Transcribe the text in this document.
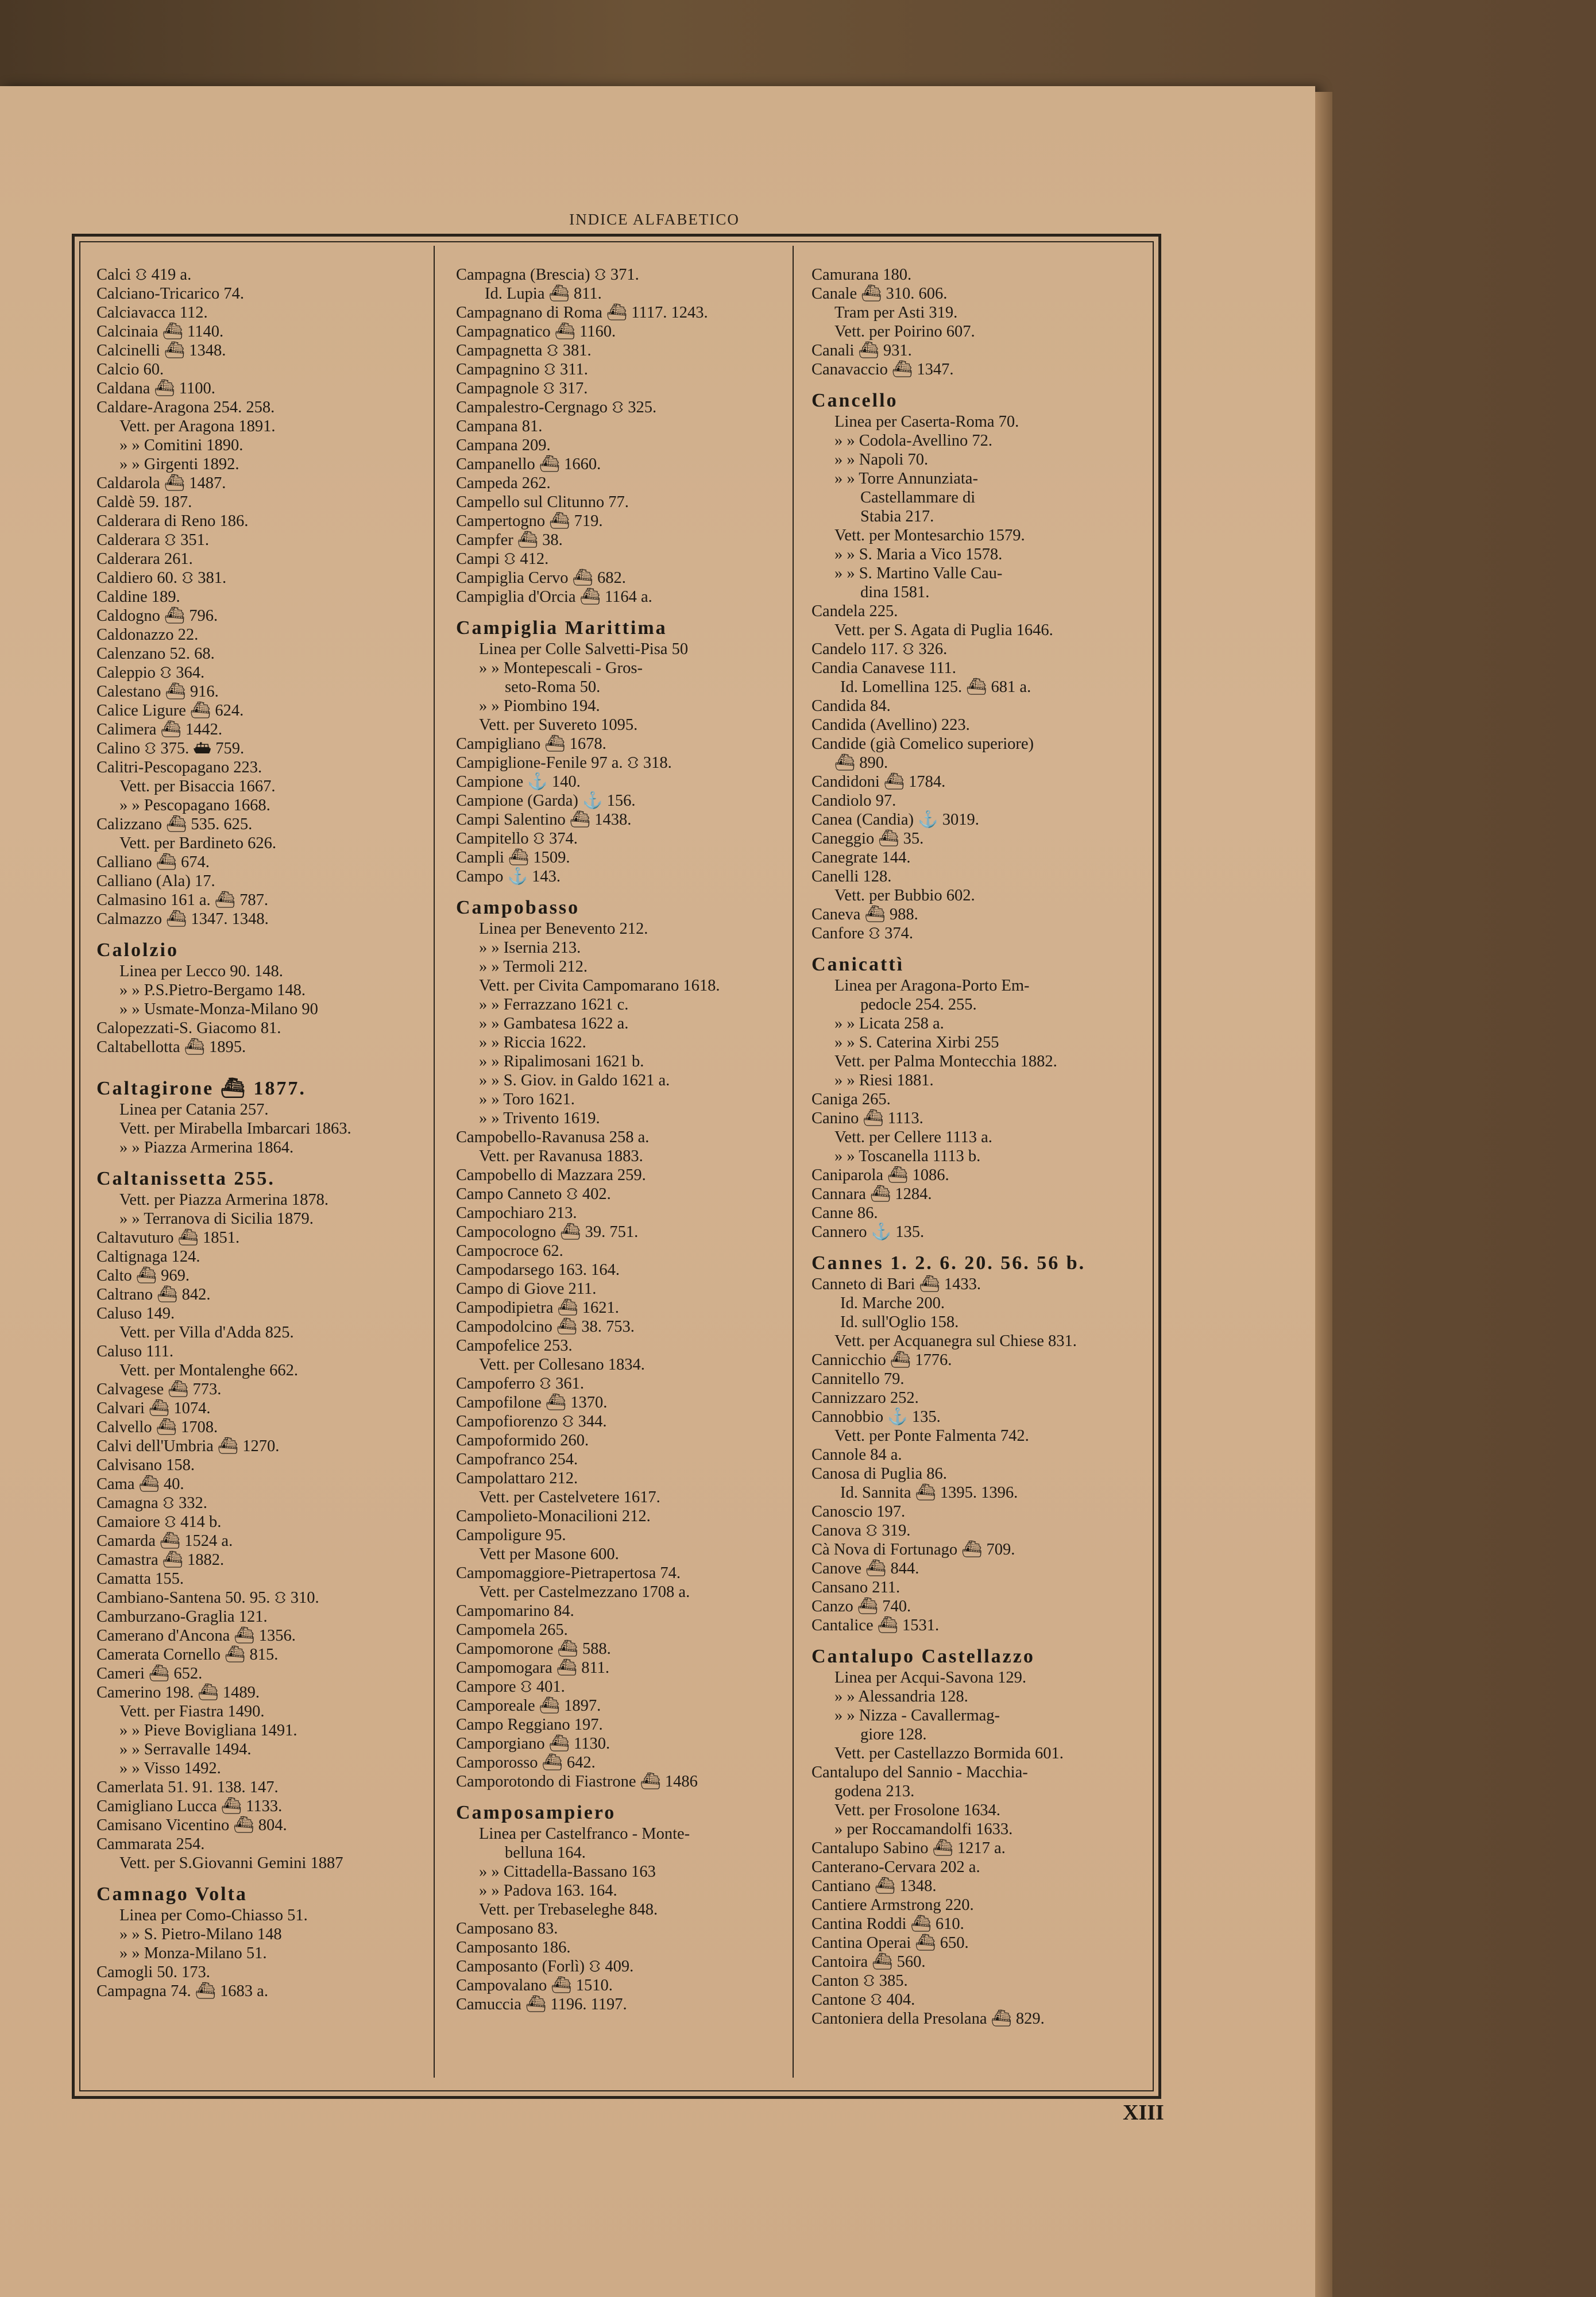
INDICE ALFABETICO
Calci ⛻ 419 a.
Calciano-Tricarico 74.
Calciavacca 112.
Calcinaia ⛴ 1140.
Calcinelli ⛴ 1348.
Calcio 60.
Caldana ⛴ 1100.
Caldare-Aragona 254. 258.
Vett. per Aragona 1891.
» » Comitini 1890.
» » Girgenti 1892.
Caldarola ⛴ 1487.
Caldè 59. 187.
Calderara di Reno 186.
Calderara ⛻ 351.
Calderara 261.
Caldiero 60. ⛻ 381.
Caldine 189.
Caldogno ⛴ 796.
Caldonazzo 22.
Calenzano 52. 68.
Caleppio ⛻ 364.
Calestano ⛴ 916.
Calice Ligure ⛴ 624.
Calimera ⛴ 1442.
Calino ⛻ 375. ⛴ 759.
Calitri-Pescopagano 223.
Vett. per Bisaccia 1667.
» » Pescopagano 1668.
Calizzano ⛴ 535. 625.
Vett. per Bardineto 626.
Calliano ⛴ 674.
Calliano (Ala) 17.
Calmasino 161 a. ⛴ 787.
Calmazzo ⛴ 1347. 1348.
Calolzio
Linea per Lecco 90. 148.
» » P.S.Pietro-Bergamo 148.
» » Usmate-Monza-Milano 90
Calopezzati-S. Giacomo 81.
Caltabellotta ⛴ 1895.
Caltagirone ⛴ 1877.
Linea per Catania 257.
Vett. per Mirabella Imbarcari 1863.
» » Piazza Armerina 1864.
Caltanissetta 255.
Vett. per Piazza Armerina 1878.
» » Terranova di Sicilia 1879.
Caltavuturo ⛴ 1851.
Caltignaga 124.
Calto ⛴ 969.
Caltrano ⛴ 842.
Caluso 149.
Vett. per Villa d'Adda 825.
Caluso 111.
Vett. per Montalenghe 662.
Calvagese ⛴ 773.
Calvari ⛴ 1074.
Calvello ⛴ 1708.
Calvi dell'Umbria ⛴ 1270.
Calvisano 158.
Cama ⛴ 40.
Camagna ⛻ 332.
Camaiore ⛻ 414 b.
Camarda ⛴ 1524 a.
Camastra ⛴ 1882.
Camatta 155.
Cambiano-Santena 50. 95. ⛻ 310.
Camburzano-Graglia 121.
Camerano d'Ancona ⛴ 1356.
Camerata Cornello ⛴ 815.
Cameri ⛴ 652.
Camerino 198. ⛴ 1489.
Vett. per Fiastra 1490.
» » Pieve Bovigliana 1491.
» » Serravalle 1494.
» » Visso 1492.
Camerlata 51. 91. 138. 147.
Camigliano Lucca ⛴ 1133.
Camisano Vicentino ⛴ 804.
Cammarata 254.
Vett. per S.Giovanni Gemini 1887
Camnago Volta
Linea per Como-Chiasso 51.
» » S. Pietro-Milano 148
» » Monza-Milano 51.
Camogli 50. 173.
Campagna 74. ⛴ 1683 a.
Campagna (Brescia) ⛻ 371.
Id. Lupia ⛴ 811.
Campagnano di Roma ⛴ 1117. 1243.
Campagnatico ⛴ 1160.
Campagnetta ⛻ 381.
Campagnino ⛻ 311.
Campagnole ⛻ 317.
Campalestro-Cergnago ⛻ 325.
Campana 81.
Campana 209.
Campanello ⛴ 1660.
Campeda 262.
Campello sul Clitunno 77.
Campertogno ⛴ 719.
Campfer ⛴ 38.
Campi ⛻ 412.
Campiglia Cervo ⛴ 682.
Campiglia d'Orcia ⛴ 1164 a.
Campiglia Marittima
Linea per Colle Salvetti-Pisa 50
» » Montepescali - Gros-
seto-Roma 50.
» » Piombino 194.
Vett. per Suvereto 1095.
Campigliano ⛴ 1678.
Campiglione-Fenile 97 a. ⛻ 318.
Campione ⚓ 140.
Campione (Garda) ⚓ 156.
Campi Salentino ⛴ 1438.
Campitello ⛻ 374.
Campli ⛴ 1509.
Campo ⚓ 143.
Campobasso
Linea per Benevento 212.
» » Isernia 213.
» » Termoli 212.
Vett. per Civita Campomarano 1618.
» » Ferrazzano 1621 c.
» » Gambatesa 1622 a.
» » Riccia 1622.
» » Ripalimosani 1621 b.
» » S. Giov. in Galdo 1621 a.
» » Toro 1621.
» » Trivento 1619.
Campobello-Ravanusa 258 a.
Vett. per Ravanusa 1883.
Campobello di Mazzara 259.
Campo Canneto ⛻ 402.
Campochiaro 213.
Campocologno ⛴ 39. 751.
Campocroce 62.
Campodarsego 163. 164.
Campo di Giove 211.
Campodipietra ⛴ 1621.
Campodolcino ⛴ 38. 753.
Campofelice 253.
Vett. per Collesano 1834.
Campoferro ⛻ 361.
Campofilone ⛴ 1370.
Campofiorenzo ⛻ 344.
Campoformido 260.
Campofranco 254.
Campolattaro 212.
Vett. per Castelvetere 1617.
Campolieto-Monacilioni 212.
Campoligure 95.
Vett per Masone 600.
Campomaggiore-Pietrapertosa 74.
Vett. per Castelmezzano 1708 a.
Campomarino 84.
Campomela 265.
Campomorone ⛴ 588.
Campomogara ⛴ 811.
Campore ⛻ 401.
Camporeale ⛴ 1897.
Campo Reggiano 197.
Camporgiano ⛴ 1130.
Camporosso ⛴ 642.
Camporotondo di Fiastrone ⛴ 1486
Camposampiero
Linea per Castelfranco - Monte-
belluna 164.
» » Cittadella-Bassano 163
» » Padova 163. 164.
Vett. per Trebaseleghe 848.
Camposano 83.
Camposanto 186.
Camposanto (Forlì) ⛻ 409.
Campovalano ⛴ 1510.
Camuccia ⛴ 1196. 1197.
Camurana 180.
Canale ⛴ 310. 606.
Tram per Asti 319.
Vett. per Poirino 607.
Canali ⛴ 931.
Canavaccio ⛴ 1347.
Cancello
Linea per Caserta-Roma 70.
» » Codola-Avellino 72.
» » Napoli 70.
» » Torre Annunziata-
Castellammare di
Stabia 217.
Vett. per Montesarchio 1579.
» » S. Maria a Vico 1578.
» » S. Martino Valle Cau-
dina 1581.
Candela 225.
Vett. per S. Agata di Puglia 1646.
Candelo 117. ⛻ 326.
Candia Canavese 111.
Id. Lomellina 125. ⛴ 681 a.
Candida 84.
Candida (Avellino) 223.
Candide (già Comelico superiore)
⛴ 890.
Candidoni ⛴ 1784.
Candiolo 97.
Canea (Candia) ⚓ 3019.
Caneggio ⛴ 35.
Canegrate 144.
Canelli 128.
Vett. per Bubbio 602.
Caneva ⛴ 988.
Canfore ⛻ 374.
Canicattì
Linea per Aragona-Porto Em-
pedocle 254. 255.
» » Licata 258 a.
» » S. Caterina Xirbi 255
Vett. per Palma Montecchia 1882.
» » Riesi 1881.
Caniga 265.
Canino ⛴ 1113.
Vett. per Cellere 1113 a.
» » Toscanella 1113 b.
Caniparola ⛴ 1086.
Cannara ⛴ 1284.
Canne 86.
Cannero ⚓ 135.
Cannes 1. 2. 6. 20. 56. 56 b.
Canneto di Bari ⛴ 1433.
Id. Marche 200.
Id. sull'Oglio 158.
Vett. per Acquanegra sul Chiese 831.
Cannicchio ⛴ 1776.
Cannitello 79.
Cannizzaro 252.
Cannobbio ⚓ 135.
Vett. per Ponte Falmenta 742.
Cannole 84 a.
Canosa di Puglia 86.
Id. Sannita ⛴ 1395. 1396.
Canoscio 197.
Canova ⛻ 319.
Cà Nova di Fortunago ⛴ 709.
Canove ⛴ 844.
Cansano 211.
Canzo ⛴ 740.
Cantalice ⛴ 1531.
Cantalupo Castellazzo
Linea per Acqui-Savona 129.
» » Alessandria 128.
» » Nizza - Cavallermag-
giore 128.
Vett. per Castellazzo Bormida 601.
Cantalupo del Sannio - Macchia-
godena 213.
Vett. per Frosolone 1634.
» per Roccamandolfi 1633.
Cantalupo Sabino ⛴ 1217 a.
Canterano-Cervara 202 a.
Cantiano ⛴ 1348.
Cantiere Armstrong 220.
Cantina Roddi ⛴ 610.
Cantina Operai ⛴ 650.
Cantoira ⛴ 560.
Canton ⛻ 385.
Cantone ⛻ 404.
Cantoniera della Presolana ⛴ 829.
XIII
